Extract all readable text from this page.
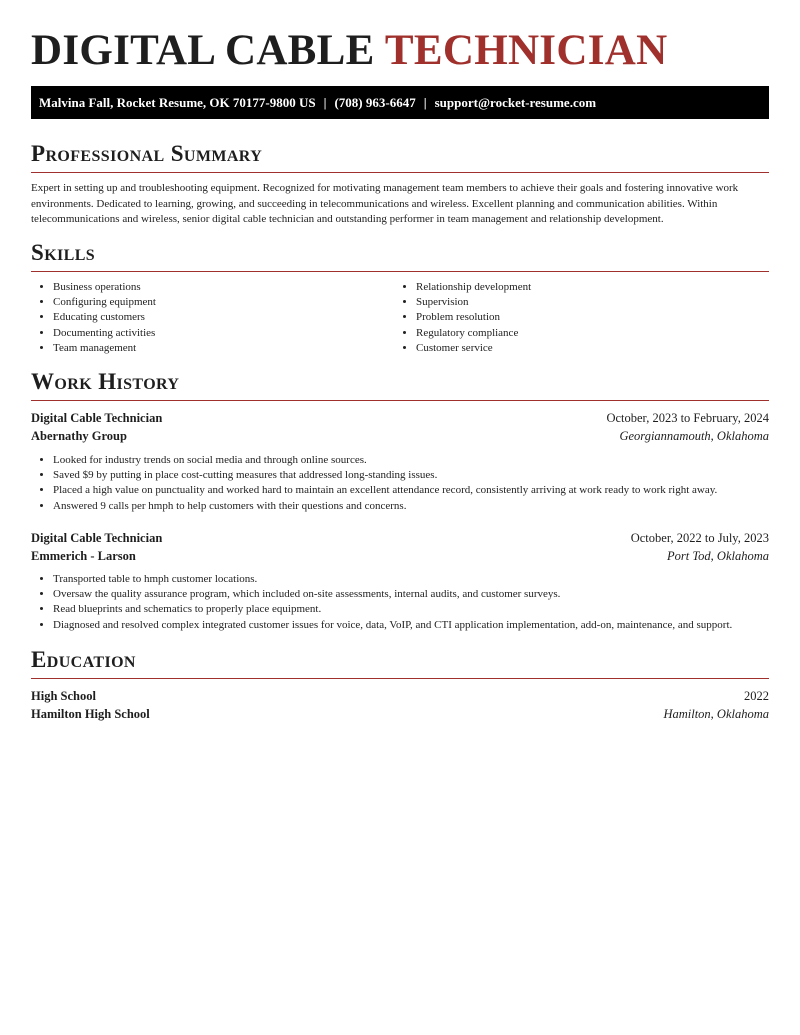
DIGITAL CABLE TECHNICIAN
Malvina Fall, Rocket Resume, OK 70177-9800 US | (708) 963-6647 | support@rocket-resume.com
Professional Summary

Expert in setting up and troubleshooting equipment. Recognized for motivating management team members to achieve their goals and fostering innovative work environments. Dedicated to learning, growing, and succeeding in telecommunications and wireless. Excellent planning and communication abilities. Within telecommunications and wireless, senior digital cable technician and outstanding performer in team management and relationship development.

Skills
• Business operations
• Configuring equipment
• Educating customers
• Documenting activities
• Team management
• Relationship development
• Supervision
• Problem resolution
• Regulatory compliance
• Customer service
Work History
Digital Cable Technician	October, 2023 to February, 2024
Abernathy Group	Georgiannamouth, Oklahoma
• Looked for industry trends on social media and through online sources.
• Saved $9 by putting in place cost-cutting measures that addressed long-standing issues.
• Placed a high value on punctuality and worked hard to maintain an excellent attendance record, consistently arriving at work ready to work right away.
• Answered 9 calls per hmph to help customers with their questions and concerns.
Digital Cable Technician	October, 2022 to July, 2023
Emmerich - Larson	Port Tod, Oklahoma
• Transported table to hmph customer locations.
• Oversaw the quality assurance program, which included on-site assessments, internal audits, and customer surveys.
• Read blueprints and schematics to properly place equipment.
• Diagnosed and resolved complex integrated customer issues for voice, data, VoIP, and CTI application implementation, add-on, maintenance, and support.
Education
High School	2022
Hamilton High School	Hamilton, Oklahoma
